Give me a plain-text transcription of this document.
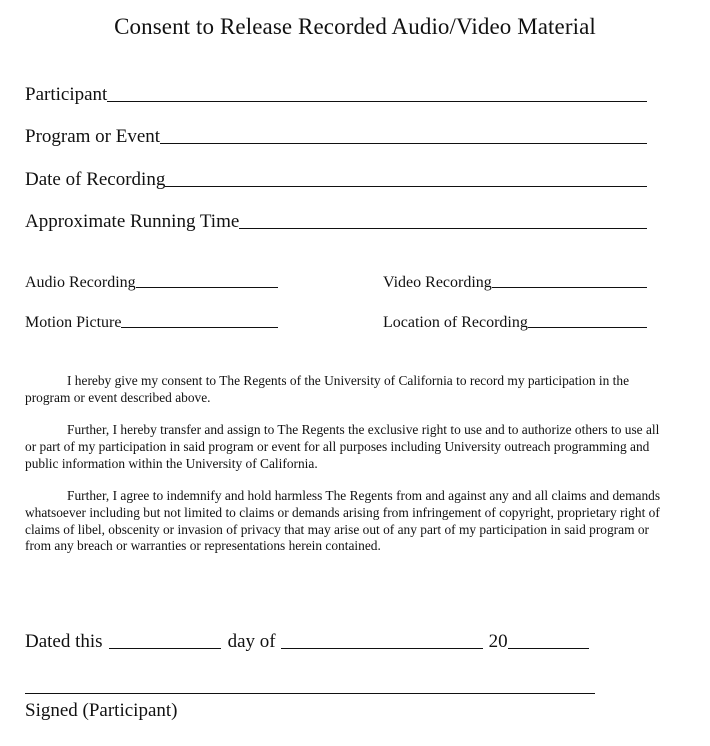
Consent to Release Recorded Audio/Video Material
Participant
Program or Event
Date of Recording
Approximate Running Time
Audio Recording	Video Recording
Motion Picture	Location of Recording

I hereby give my consent to The Regents of the University of California to record my participation in the program or event described above.

Further, I hereby transfer and assign to The Regents the exclusive right to use and to authorize others to use all or part of my participation in said program or event for all purposes including University outreach programming and public information within the University of California.

Further, I agree to indemnify and hold harmless The Regents from and against any and all claims and demands whatsoever including but not limited to claims or demands arising from infringement of copyright, proprietary right of claims of libel, obscenity or invasion of privacy that may arise out of any part of my participation in said program or from any breach or warranties or representations herein contained.

Dated this	day of	20
Signed (Participant)
